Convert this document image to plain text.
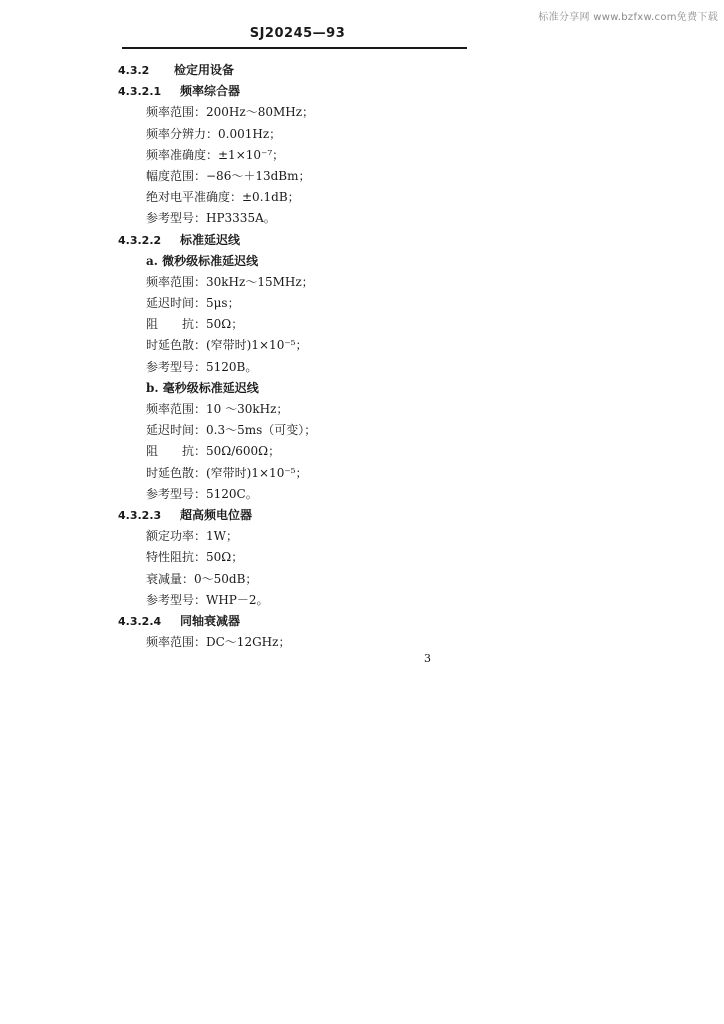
标准分享网 www.bzfxw.com免费下载
SJ20245—93
4.3.2 检定用设备
4.3.2.1 频率综合器
频率范围：200Hz～80MHz；
频率分辨力：0.001Hz；
频率准确度：±1×10⁻⁷；
幅度范围：−86～＋13dBm；
绝对电平准确度：±0.1dB；
参考型号：HP3335A。
4.3.2.2 标准延迟线
a. 微秒级标准延迟线
频率范围：30kHz～15MHz；
延迟时间：5μs；
阻　　抗：50Ω；
时延色散：(窄带时)1×10⁻⁵；
参考型号：5120B。
b. 毫秒级标准延迟线
频率范围：10 ～30kHz；
延迟时间：0.3～5ms（可变）；
阻　　抗：50Ω/600Ω；
时延色散：(窄带时)1×10⁻⁵；
参考型号：5120C。
4.3.2.3 超高频电位器
额定功率：1W；
特性阻抗：50Ω；
衰减量：0～50dB；
参考型号：WHP－2。
4.3.2.4 同轴衰减器
频率范围：DC～12GHz；
3
